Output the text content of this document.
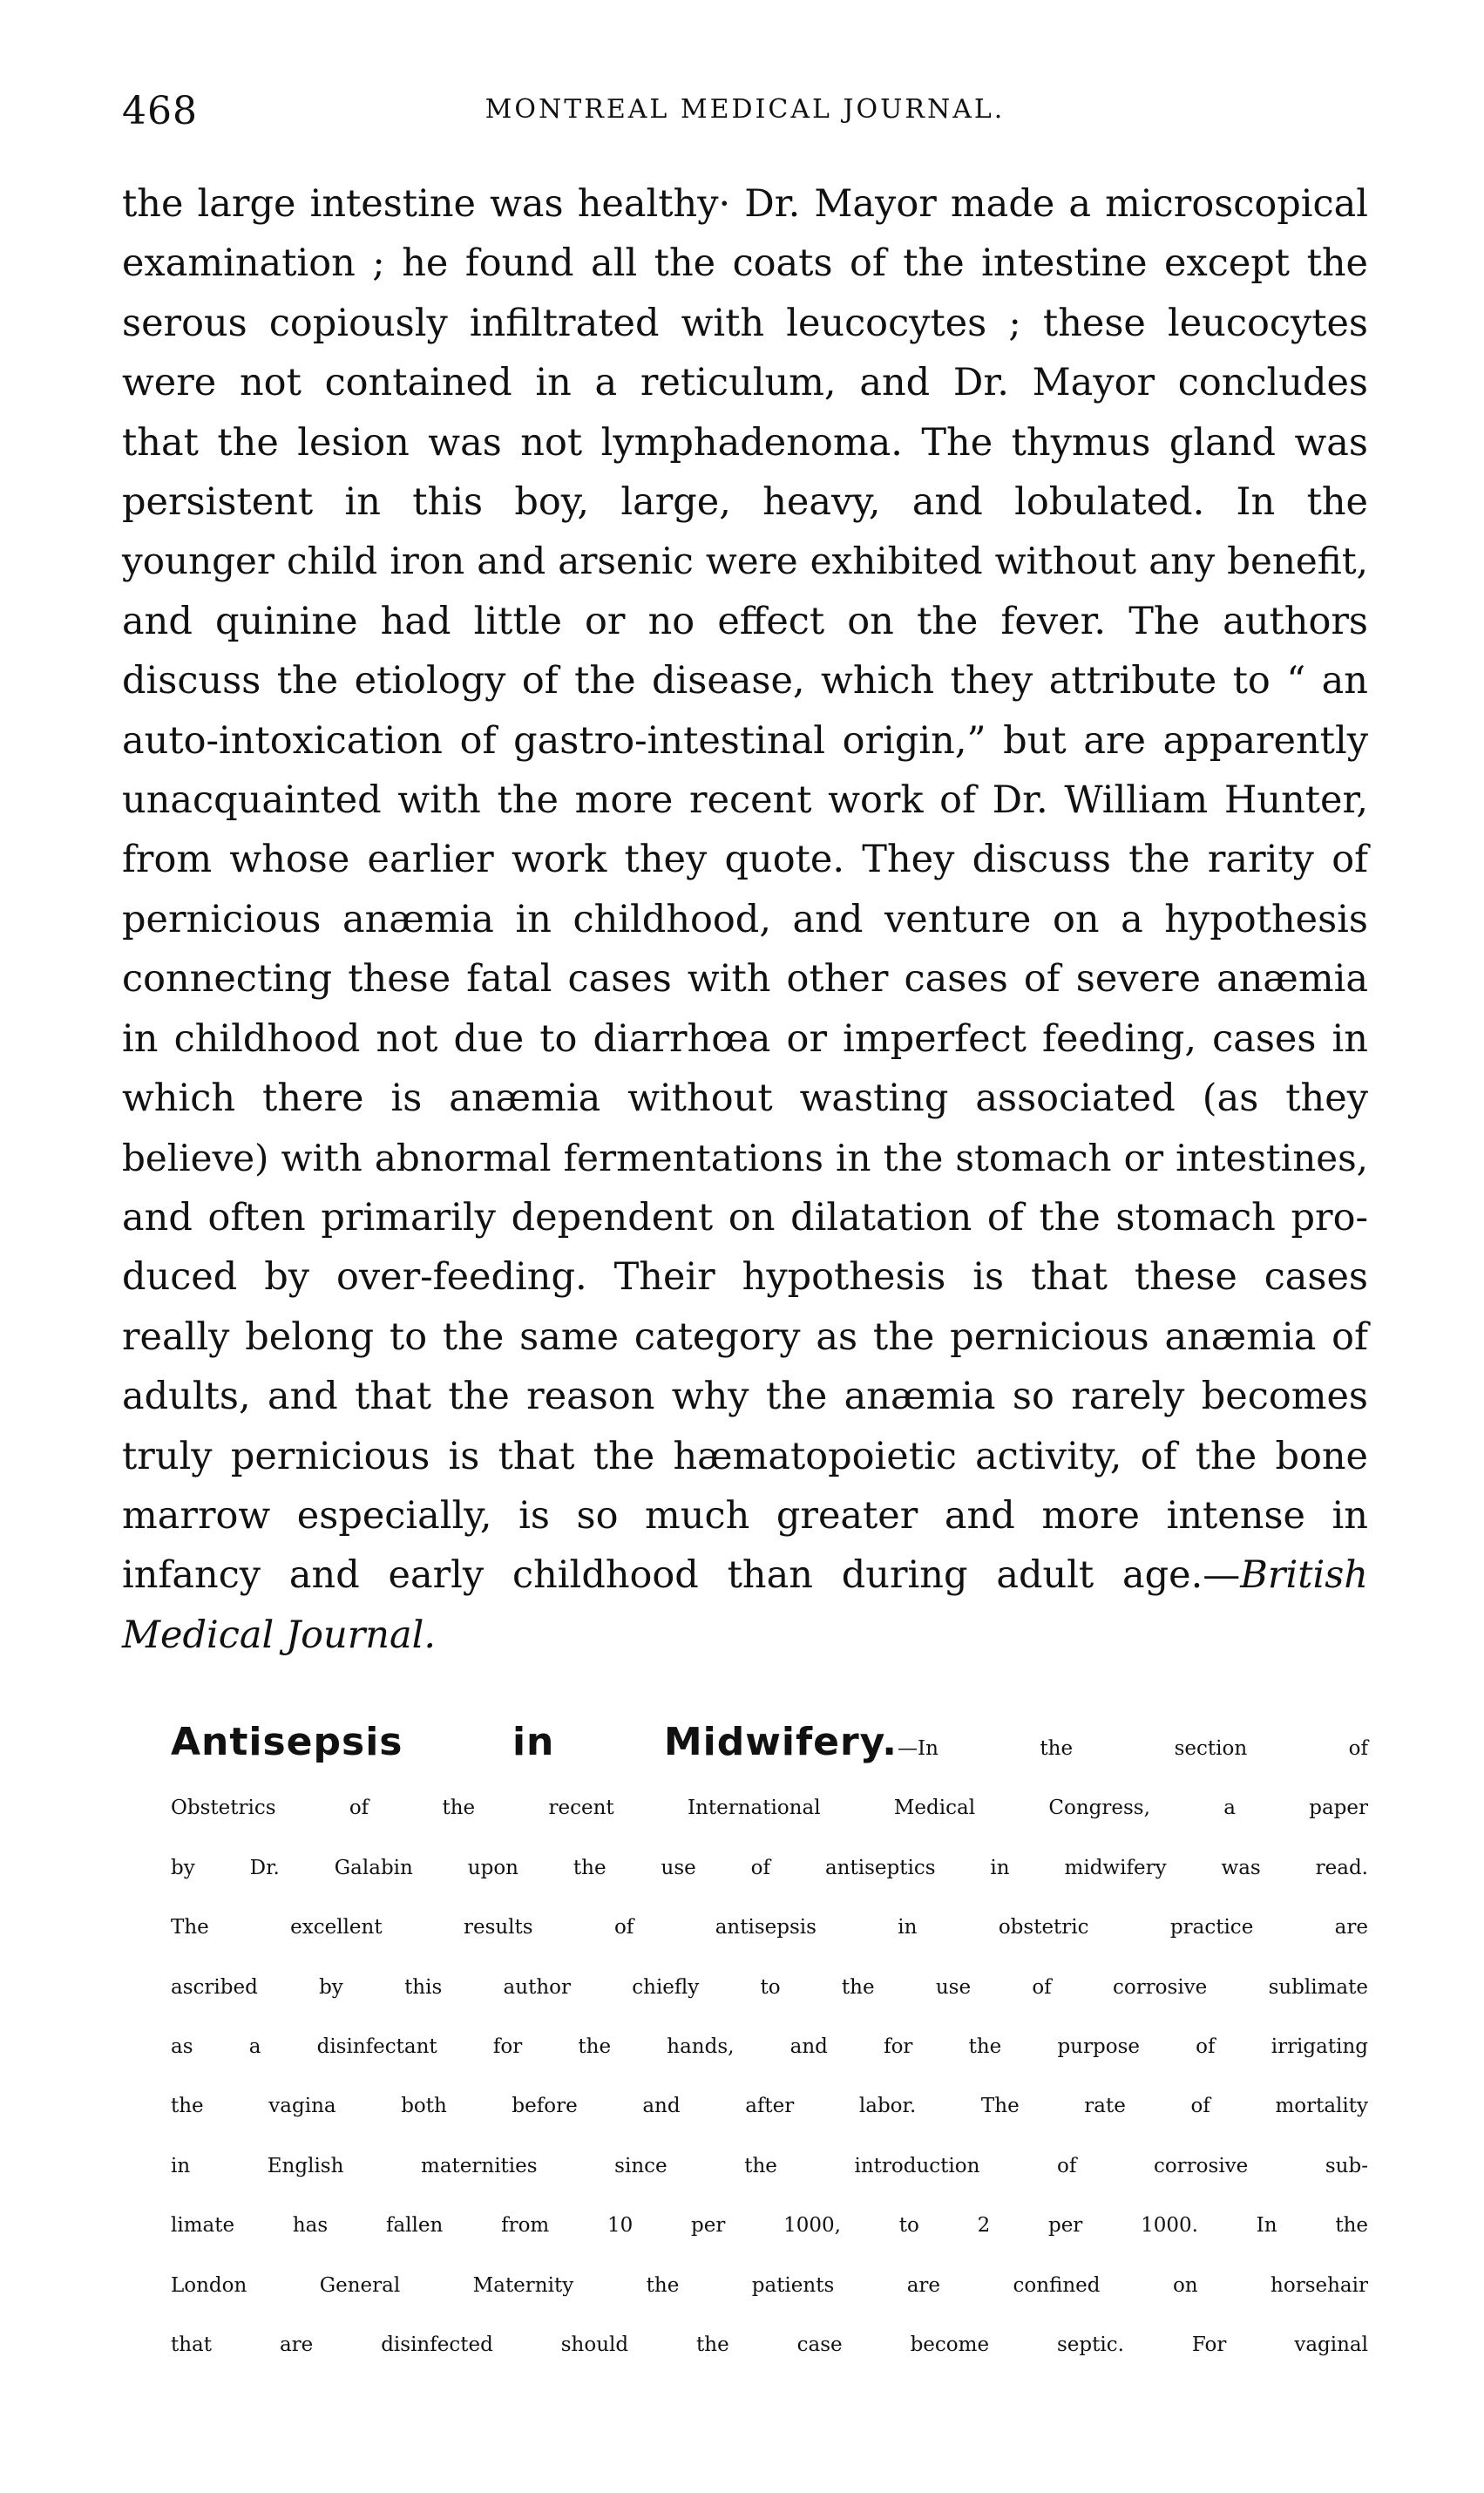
468	MONTREAL MEDICAL JOURNAL.
the large intestine was healthy· Dr. Mayor made a microscopical
examination ; he found all the coats of the intestine except the
serous copiously infiltrated with leucocytes ; these leucocytes
were not contained in a reticulum, and Dr. Mayor concludes
that the lesion was not lymphadenoma. The thymus gland was
persistent in this boy, large, heavy, and lobulated. In the
younger child iron and arsenic were exhibited without any benefit,
and quinine had little or no effect on the fever. The authors
discuss the etiology of the disease, which they attribute to “ an
auto-intoxication of gastro-intestinal origin,” but are apparently
unacquainted with the more recent work of Dr. William Hunter,
from whose earlier work they quote. They discuss the rarity of
pernicious anæmia in childhood, and venture on a hypothesis
connecting these fatal cases with other cases of severe anæmia
in childhood not due to diarrhœa or imperfect feeding, cases in
which there is anæmia without wasting associated (as they
believe) with abnormal fermentations in the stomach or intestines,
and often primarily dependent on dilatation of the stomach pro-
duced by over-feeding. Their hypothesis is that these cases
really belong to the same category as the pernicious anæmia of
adults, and that the reason why the anæmia so rarely becomes
truly pernicious is that the hæmatopoietic activity, of the bone
marrow especially, is so much greater and more intense in
infancy and early childhood than during adult age.—British
Medical Journal.
Antisepsis in Midwifery.—In the section of
Obstetrics of the recent International Medical Congress, a paper
by Dr. Galabin upon the use of antiseptics in midwifery was read.
The excellent results of antisepsis in obstetric practice are
ascribed by this author chiefly to the use of corrosive sublimate
as a disinfectant for the hands, and for the purpose of irrigating
the vagina both before and after labor. The rate of mortality
in English maternities since the introduction of corrosive sub-
limate has fallen from 10 per 1000, to 2 per 1000. In the
London General Maternity the patients are confined on horsehair
that are disinfected should the case become septic. For vaginal
